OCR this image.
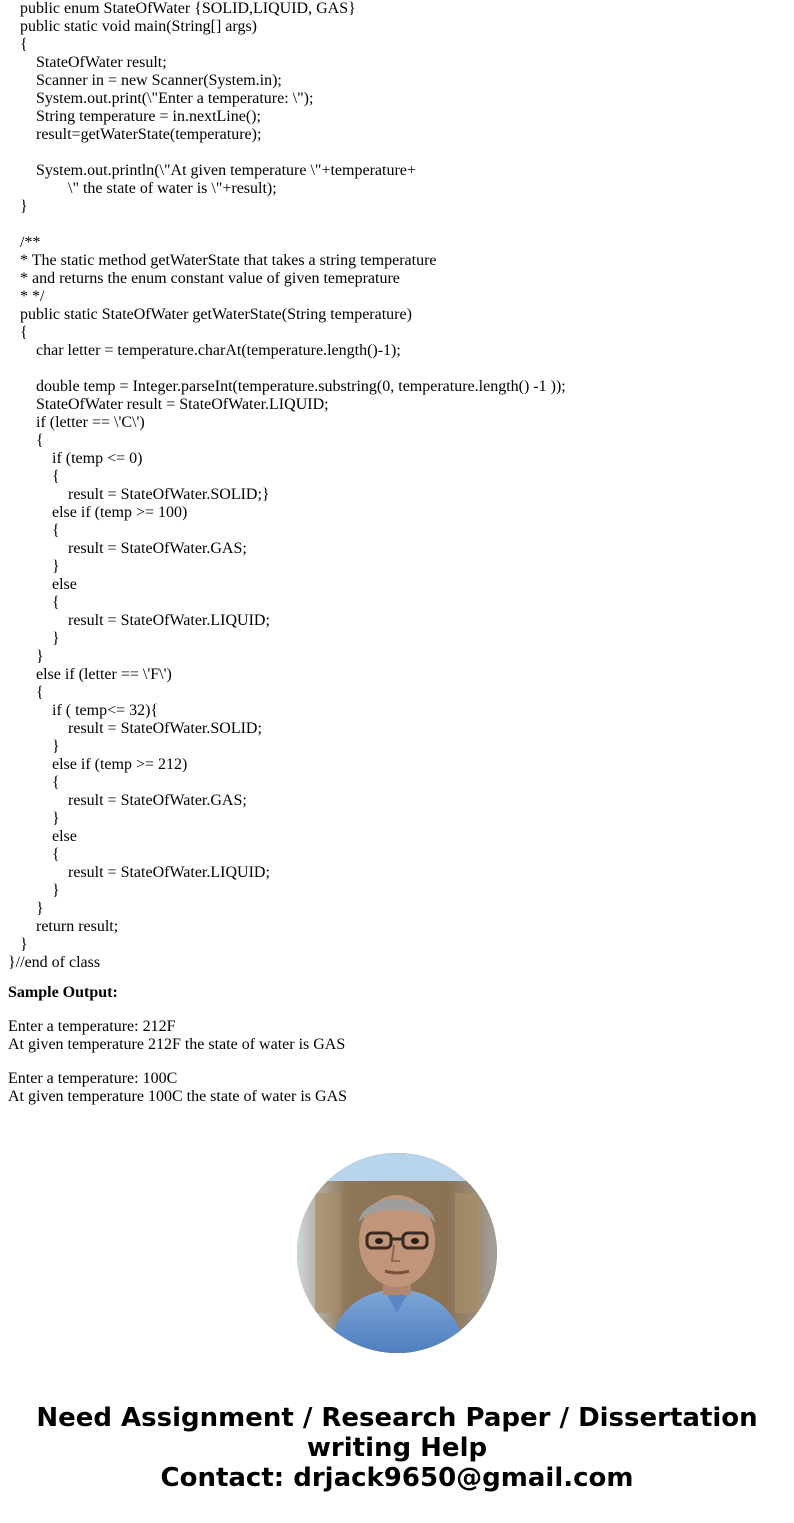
public enum StateOfWater {SOLID,LIQUID, GAS}
public static void main(String[] args)
{
StateOfWater result;
Scanner in = new Scanner(System.in);
System.out.print(\"Enter a temperature: \");
String temperature = in.nextLine();
result=getWaterState(temperature);
System.out.println(\"At given temperature \"+temperature+
\" the state of water is \"+result);
}
/**
* The static method getWaterState that takes a string temperature
* and returns the enum constant value of given temeprature
* */
public static StateOfWater getWaterState(String temperature)
{
char letter = temperature.charAt(temperature.length()-1);
double temp = Integer.parseInt(temperature.substring(0, temperature.length() -1 ));
StateOfWater result = StateOfWater.LIQUID;
if (letter == \'C\')
{
if (temp <= 0)
{
result = StateOfWater.SOLID;}
else if (temp >= 100)
{
result = StateOfWater.GAS;
}
else
{
result = StateOfWater.LIQUID;
}
}
else if (letter == \'F\')
{
if ( temp<= 32){
result = StateOfWater.SOLID;
}
else if (temp >= 212)
{
result = StateOfWater.GAS;
}
else
{
result = StateOfWater.LIQUID;
}
}
return result;
}
}//end of class
Sample Output:
Enter a temperature: 212F
At given temperature 212F the state of water is GAS
Enter a temperature: 100C
At given temperature 100C the state of water is GAS
Need Assignment / Research Paper / Dissertation
writing Help
Contact: drjack9650@gmail.com
